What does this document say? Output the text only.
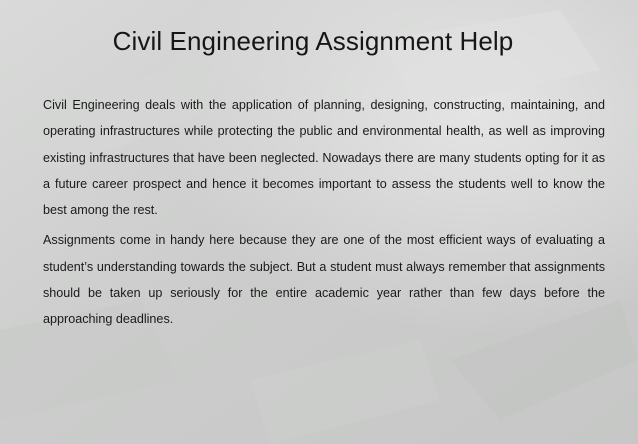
Civil Engineering Assignment Help

Civil Engineering deals with the application of planning, designing, constructing, maintaining, and operating infrastructures while protecting the public and environmental health, as well as improving existing infrastructures that have been neglected. Nowadays there are many students opting for it as a future career prospect and hence it becomes important to assess the students well to know the best among the rest.

Assignments come in handy here because they are one of the most efficient ways of evaluating a student’s understanding towards the subject. But a student must always remember that assignments should be taken up seriously for the entire academic year rather than few days before the approaching deadlines.
